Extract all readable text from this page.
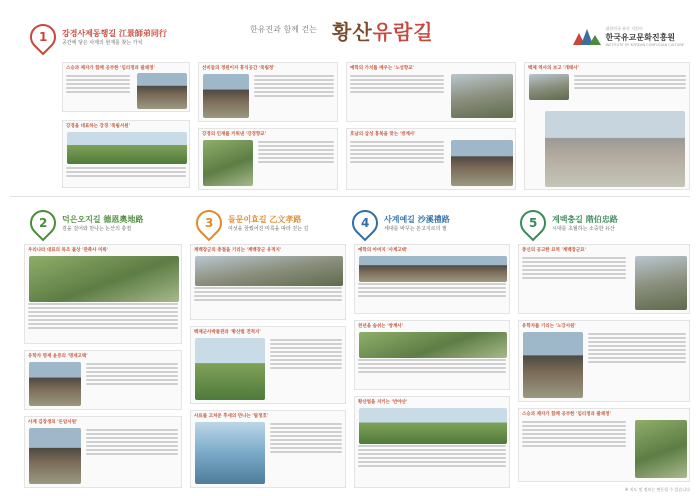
한유진과 함께 걷는 황산유람길	대한민국 유산 지킴이
한국유교문화진흥원
INSTITUTE OF KOREAN CONFUCIAN CULTURE
1 강경사제동행길 江景師弟同行
공간에 닿은 사제의 현재를 찾는 가치
스승과 제자가 함께 공부한 '임리정과 팔괘정'
강경을 대표하는 강경 '죽림서원'
선비들의 정원이자 휴식공간 '죽림정'
강경의 인재를 키워낸 '강경향교'
예학의 가치를 배우는 '노성향교'
호남의 삼성 홍복을 맞는 '쌍계사'
백제 역사의 보고 '개태사'
2 덕은오지길 德恩奧地路
검을 걸어와 만나는 논산의 충절	3 돌문이효길 乙文孝路
여섯을 꿈꿨어진 미륵을 따라 걷는 길	4 사계예길 沙溪禮路
세대를 바꾸는 돈고지르의 필	5 계백충길 階伯忠路
시대를 초월하는 소중한 유산
우리나라 대표의 목조 불상 '관촉사 미륵'
유학자 명재 윤증의 '명재고택'
사계 김장생의 '돈암서원'
계백장군의 충절을 기리는 '계백장군 유적지'
백제군사박물관과 '황산벌 전적지'
사료를 고쳐준 후세의 만나는 '탑정호'
예학의 아버지 '사계고택'
천년을 숨쉬는 '쌍계사'
황산벌을 지키는 '반야산'
충신의 공고한 묘역 '계백장군묘'
유학자를 기리는 '노강서원'
스승과 제자가 함께 공부한 '임리정과 팔괘정'
※ 지도 및 정보는 변동될 수 있습니다
